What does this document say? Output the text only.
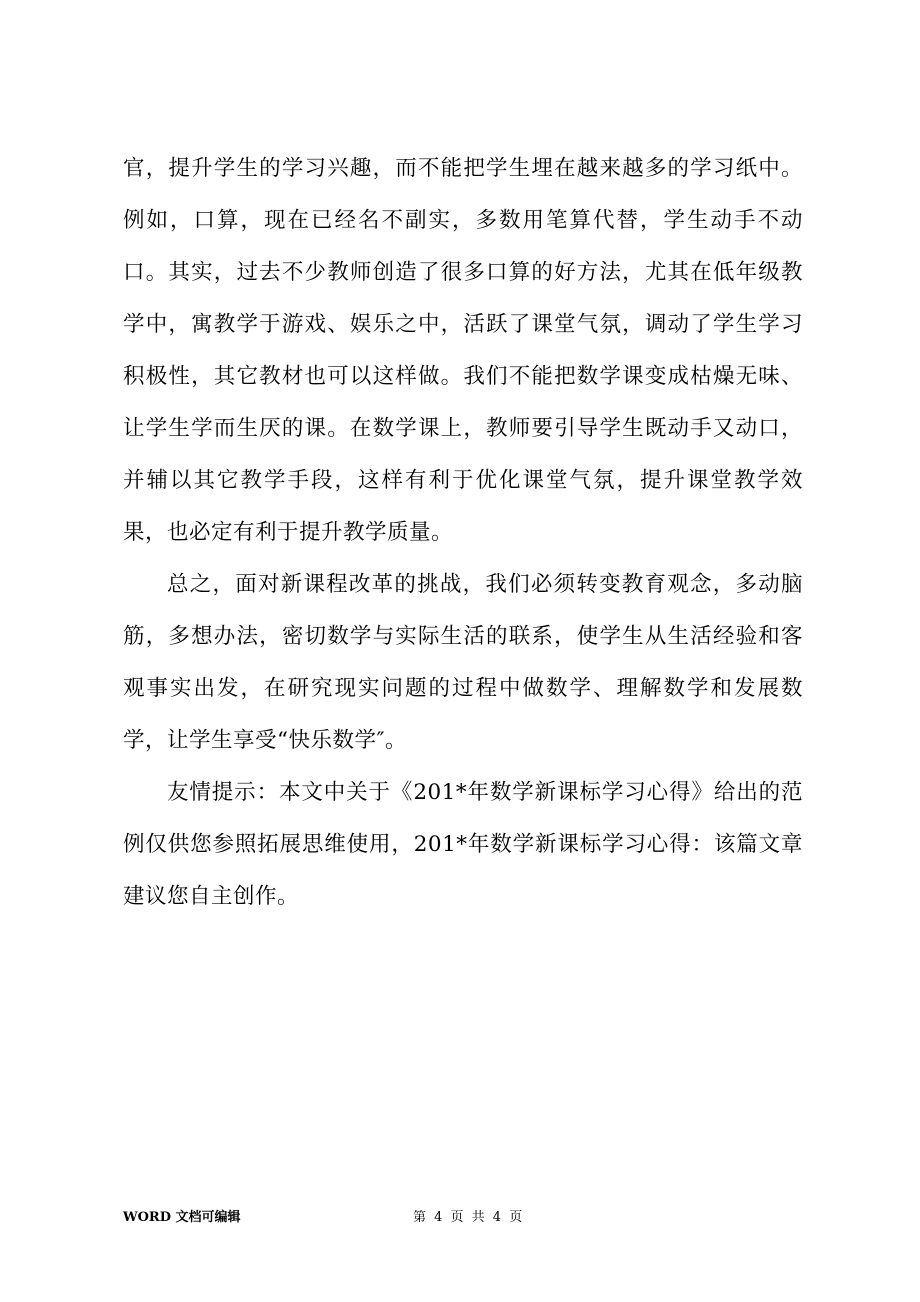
官，提升学生的学习兴趣，而不能把学生埋在越来越多的学习纸中。例如，口算，现在已经名不副实，多数用笔算代替，学生动手不动口。其实，过去不少教师创造了很多口算的好方法，尤其在低年级教学中，寓教学于游戏、娱乐之中，活跃了课堂气氛，调动了学生学习积极性，其它教材也可以这样做。我们不能把数学课变成枯燥无味、让学生学而生厌的课。在数学课上，教师要引导学生既动手又动口，并辅以其它教学手段，这样有利于优化课堂气氛，提升课堂教学效果，也必定有利于提升教学质量。

总之，面对新课程改革的挑战，我们必须转变教育观念，多动脑筋，多想办法，密切数学与实际生活的联系，使学生从生活经验和客观事实出发，在研究现实问题的过程中做数学、理解数学和发展数学，让学生享受“快乐数学″。

友情提示：本文中关于《201*年数学新课标学习心得》给出的范例仅供您参照拓展思维使用，201*年数学新课标学习心得：该篇文章建议您自主创作。

WORD 文档可编辑	第 4 页 共 4 页
